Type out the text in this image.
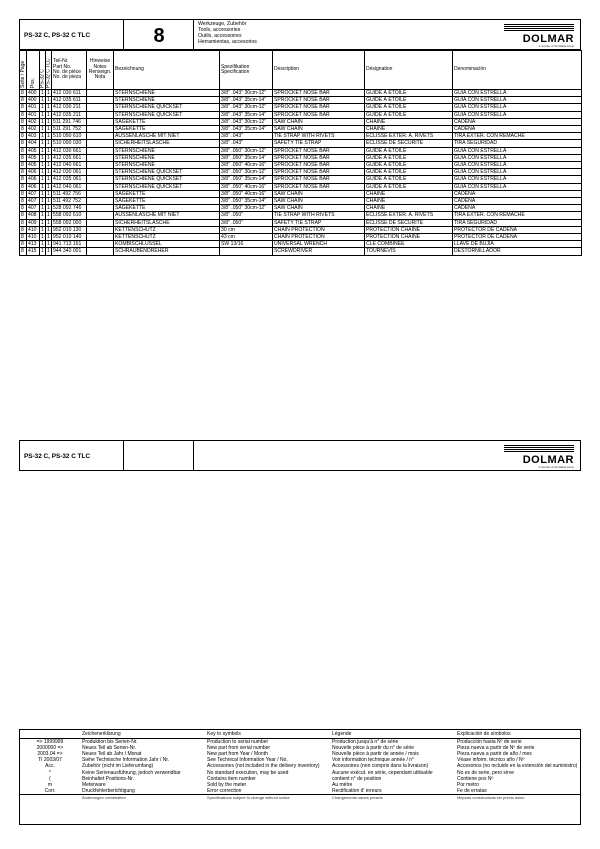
PS-32 C, PS-32 C TLC	8
Werkzeuge, Zubehör
Tools, accessories
Outils, accessoires
Herramientas, accesorios	DOLMAR
A member of the Makita Group
Seite / Page	Pos.	PS-32 C	PS-32 C TLC	Teil-Nr.
Part No.
No. de pièce
No. de pieza	Hinweise
Notes
Renseign.
Nota	Bezeichnung	Spezifikation
Specification	Description	Désignation	Denominación
8	400	1	1	412 030 611		STERNSCHIENE	3/8" .043" 30cm-12"	SPROCKET NOSE BAR	GUIDE À ÉTOILE	GUÍA CON ESTRELLA
8	400	1	1	412 035 611		STERNSCHIENE	3/8" .043" 35cm-14"	SPROCKET NOSE BAR	GUIDE À ÉTOILE	GUÍA CON ESTRELLA
8	401	1	1	412 030 211		STERNSCHIENE QUICKSET	3/8" .043" 30cm-12"	SPROCKET NOSE BAR	GUIDE À ÉTOILE	GUÍA CON ESTRELLA
8	401	1	1	412 035 211		STERNSCHIENE QUICKSET	3/8" .043" 35cm-14"	SPROCKET NOSE BAR	GUIDE À ÉTOILE	GUÍA CON ESTRELLA
8	402	1	1	511 291 746		SÄGEKETTE	3/8" .043" 30cm-12"	SAW CHAIN	CHAÎNE	CADENA
8	402	1	1	511 291 752		SÄGEKETTE	3/8" .043" 35cm-14"	SAW CHAIN	CHAÎNE	CADENA
8	403	1	1	510 090 610		AUSSENLASCHE MIT NIET	3/8" .043"	TIE STRAP WITH RIVETS	ECLISSE EXTER. A. RIVETS	TIRA EXTER. CON REMACHE
8	404	1	1	510 090 030		SICHERHEITSLASCHE	3/8" .043"	SAFETY TIE STRAP	ECLISSE DE SÉCURITÉ	TIRA SEGURIDAD
8	405	1	1	412 030 661		STERNSCHIENE	3/8" .050" 30cm-12"	SPROCKET NOSE BAR	GUIDE À ÉTOILE	GUÍA CON ESTRELLA
8	405	1	1	412 035 661		STERNSCHIENE	3/8" .050" 35cm-14"	SPROCKET NOSE BAR	GUIDE À ÉTOILE	GUÍA CON ESTRELLA
8	405	1	1	412 040 661		STERNSCHIENE	3/8" .050" 40cm-16"	SPROCKET NOSE BAR	GUIDE À ÉTOILE	GUÍA CON ESTRELLA
8	406	1	1	412 030 061		STERNSCHIENE QUICKSET	3/8" .050" 30cm-12"	SPROCKET NOSE BAR	GUIDE À ÉTOILE	GUÍA CON ESTRELLA
8	406	1	1	412 035 061		STERNSCHIENE QUICKSET	3/8" .050" 35cm-14"	SPROCKET NOSE BAR	GUIDE À ÉTOILE	GUÍA CON ESTRELLA
8	406	1	1	412 040 061		STERNSCHIENE QUICKSET	3/8" .050" 40cm-16"	SPROCKET NOSE BAR	GUIDE À ÉTOILE	GUÍA CON ESTRELLA
8	407	1	1	511 492 756		SÄGEKETTE	3/8" .050" 40cm-16"	SAW CHAIN	CHAÎNE	CADENA
8	407	1	1	511 492 752		SÄGEKETTE	3/8" .050" 35cm-14"	SAW CHAIN	CHAÎNE	CADENA
8	407	1	1	528 092 746		SÄGEKETTE	3/8" .050" 30cm-12"	SAW CHAIN	CHAÎNE	CADENA
8	408	1	1	558 092 610		AUSSENLASCHE MIT NIET	3/8" .050"	TIE STRAP WITH RIVETS	ECLISSE EXTER. A. RIVETS	TIRA EXTER. CON REMACHE
8	409	1	1	558 092 000		SICHERHEITSLASCHE	3/8" .050"	SAFETY TIE STRAP	ECLISSE DE SÉCURITÉ	TIRA SEGURIDAD
8	410	1	1	952 010 130		KETTENSCHUTZ	30 cm	CHAIN PROTECTION	PROTECTION CHAÎNE	PROTECTOR DE CADENA
8	410	1	1	952 010 140		KETTENSCHUTZ	43 cm	CHAIN PROTECTION	PROTECTION CHAÎNE	PROTECTOR DE CADENA
8	413	1	1	941 713 161		KOMBISCHLÜSSEL	SW 13/16	UNIVERSAL WRENCH	CLÉ COMBINÉE	LLAVE DE BUJIA
8	415	1	1	944 340 001		SCHRAUBENDREHER		SCREWDRIVER	TOURNEVIS	DESTORNILLADOR
PS-32 C, PS-32 C TLC	DOLMAR
A member of the Makita Group
	Zeichenerklärung	Key to symbols	Légende	Explicación de símbolos
=> 1999999	Produktion bis Serien-Nr.	Production to serial number	Production jusqu'à n° de série	Producción hasta Nº de serie
2000000 =>	Neues Teil ab Serien-Nr.	New part from serial number	Nouvelle pièce à partir du n° de série	Pieza nueva a partir de Nº de serie
2003.04 =>	Neues Teil ab Jahr / Monat	New part from Year / Month	Nouvelle pièce à partir de année / mois	Pieza nueva a partir de año / mes
TI 2003/07	Siehe Technische Information Jahr / Nr.	See Technical Information Year / No.	Voir information technique année / n°	Véase inform. técnico año / Nº
Acc.	Zubehör (nicht im Lieferumfang)	Accessories (not included in the delivery inventory)	Accessoires (non compris dans la livraison)	Accesorios (no incluido en la extensión del suministro)
*	Keine Serienausführung, jedoch verwendbar	No standard execution, may be used	Aucune exécut. en série, cependant utilisable	No es de serie, pero sirve
(	Beinhaltet Positions-Nr.	Contains item number	contient n° de position	Contiene pos Nº
m	Meterware	Sold by the meter	Au mètre	Por metro
Corr.	Druckfehlerberichtigung	Error correction	Rectification d' erreurs	Fe de erratas
	Änderungen vorbehalten	Specifications subject to change without notice	Changements sanes préavis	Mejoras constructivas sin previo aviso
